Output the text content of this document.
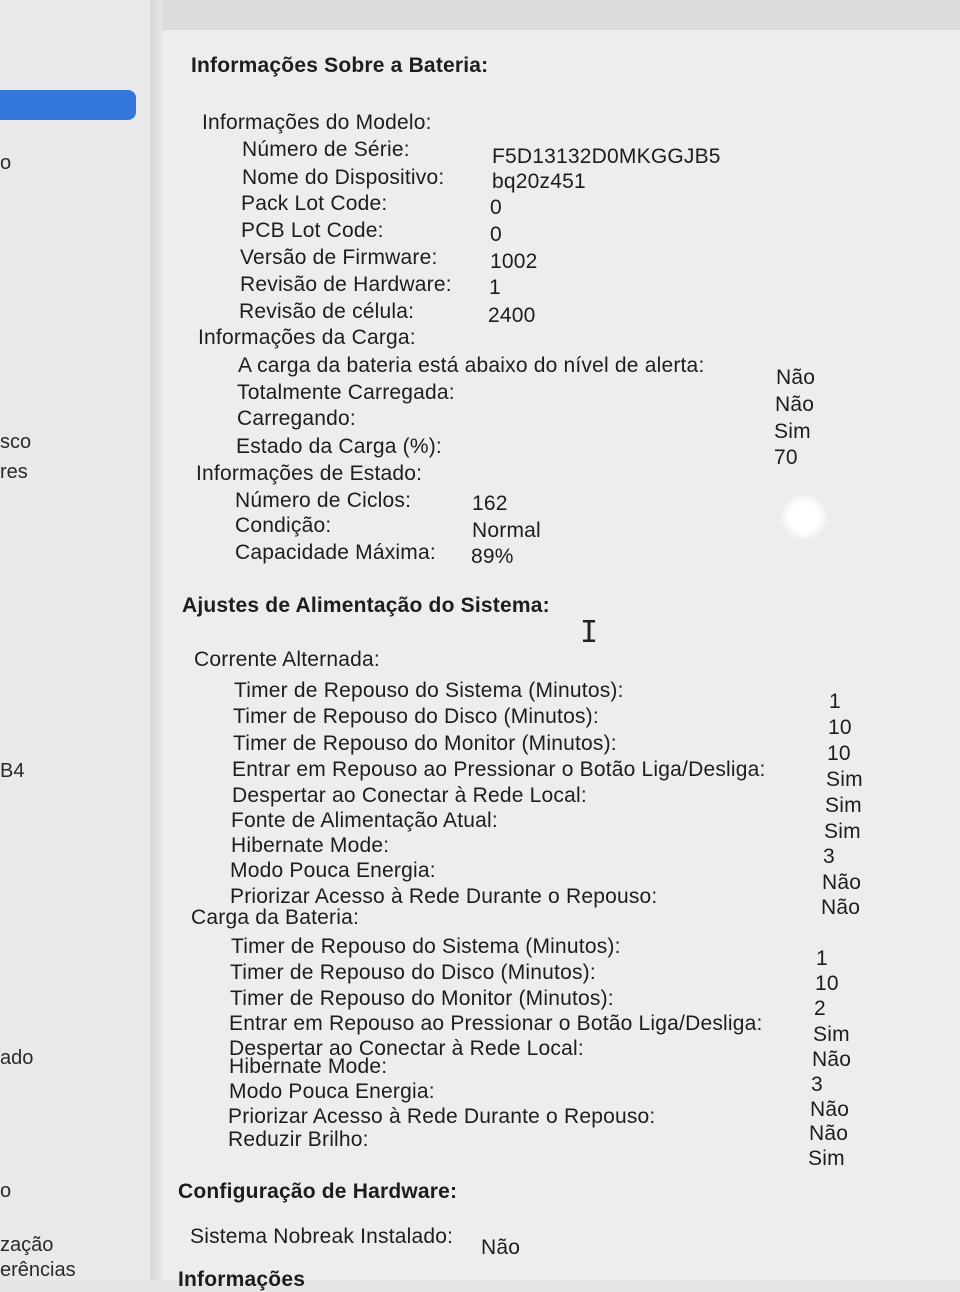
o
sco
res
B4
ado
o
zação
erências
Informações Sobre a Bateria:
Informações do Modelo:
Número de Série:	F5D13132D0MKGGJB5
Nome do Dispositivo: bq20z451
Pack Lot Code:	0
PCB Lot Code:	0
Versão de Firmware: 1002
Revisão de Hardware: 1
Revisão de célula:	2400
Informações da Carga:
A carga da bateria está abaixo do nível de alerta:
Não
Totalmente Carregada:
Não
Carregando:
Sim
Estado da Carga (%):	70
Informações de Estado:
Número de Ciclos:	162
Condição:	Normal
Capacidade Máxima: 89%
Ajustes de Alimentação do Sistema:
I
Corrente Alternada:
Timer de Repouso do Sistema (Minutos):	1
Timer de Repouso do Disco (Minutos):	10
Timer de Repouso do Monitor (Minutos):	10
Entrar em Repouso ao Pressionar o Botão Liga/Desliga:	Sim
Despertar ao Conectar à Rede Local:	Sim
Fonte de Alimentação Atual:	Sim
Hibernate Mode:	3
Modo Pouca Energia:
Não
Priorizar Acesso à Rede Durante o Repouso:	Não
Carga da Bateria:
Timer de Repouso do Sistema (Minutos):
1
Timer de Repouso do Disco (Minutos):	10
Timer de Repouso do Monitor (Minutos):	2
Entrar em Repouso ao Pressionar o Botão Liga/Desliga: Sim
Despertar ao Conectar à Rede Local:	Não
Hibernate Mode:
3
Modo Pouca Energia:
Não
Priorizar Acesso à Rede Durante o Repouso:
Não
Reduzir Brilho:
Sim
Configuração de Hardware:
Sistema Nobreak Instalado: Não
Informações
